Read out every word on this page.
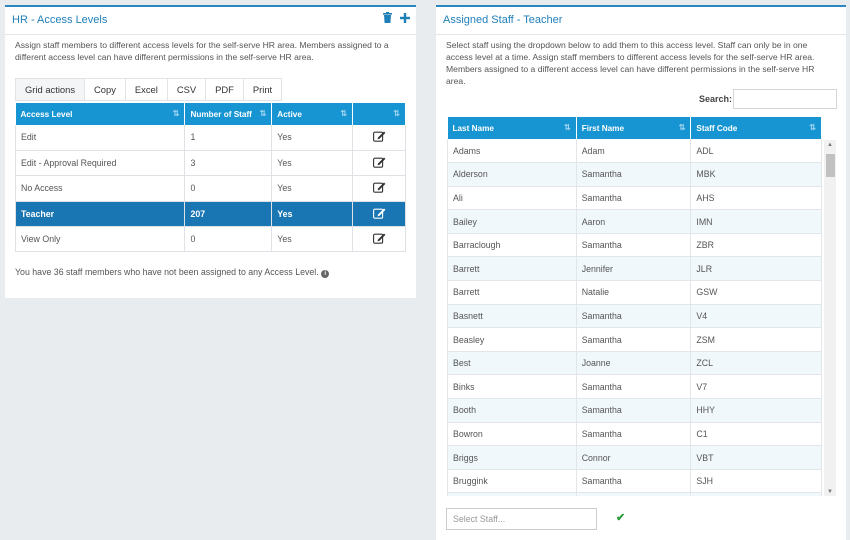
HR - Access Levels
Assign staff members to different access levels for the self-serve HR area. Members assigned to a different access level can have different permissions in the self-serve HR area.
Grid actions	Copy	Excel	CSV	PDF	Print
Access Level ⇅	Number of Staff ⇅	Active ⇅	⇅

Edit	1	Yes	
Edit - Approval Required	3	Yes	
No Access	0	Yes	
Teacher	207	Yes	
View Only	0	Yes	
You have 36 staff members who have not been assigned to any Access Level. i
Assigned Staff - Teacher
Select staff using the dropdown below to add them to this access level. Staff can only be in one access level at a time. Assign staff members to different access levels for the self-serve HR area. Members assigned to a different access level can have different permissions in the self-serve HR area.
Search:
Last Name ⇅	First Name ⇅	Staff Code ⇅

Adams	Adam	ADL
Alderson	Samantha	MBK
Ali	Samantha	AHS
Bailey	Aaron	IMN
Barraclough	Samantha	ZBR
Barrett	Jennifer	JLR
Barrett	Natalie	GSW
Basnett	Samantha	V4
Beasley	Samantha	ZSM
Best	Joanne	ZCL
Binks	Samantha	V7
Booth	Samantha	HHY
Bowron	Samantha	C1
Briggs	Connor	VBT
Bruggink	Samantha	SJH

▲
▼
Select Staff...	✔
